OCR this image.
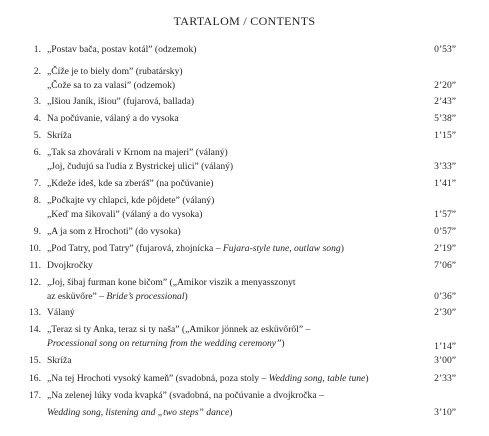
TARTALOM / CONTENTS
1. „Postav bača, postav kotál” (odzemok)	0’53”
2. „Číže je to biely dom” (rubatársky)
„Čože sa to za valasi” (odzemok)	2’20”
3. „Išiou Janík, išiou” (fujarová, ballada)	2’43”
4. Na počúvanie, válaný a do vysoka	5’38”
5. Skríža	1’15”
6. „Tak sa zhovárali v Krnom na majeri” (válaný)
„Joj, čudujú sa ľudia z Bystrickej ulici” (válaný)	3’33”
7. „Kdeže ideš, kde sa zberáš” (na počúvanie)	1’41”
8. „Počkajte vy chlapci, kde pôjdete” (válaný)
„Keď ma šikovali” (válaný a do vysoka)	1’57”
9. „A ja som z Hrochoti” (do vysoka)	0’57”
10. „Pod Tatry, pod Tatry” (fujarová, zhojnícka – Fujara-style tune, outlaw song)	2’19”
11. Dvojkročky	7’06”
12. „Joj, šibaj furman kone bičom” („Amikor viszik a menyasszonyt
az esküvőre” – Bride’s processional)	0’36”
13. Válaný	2’30”
14. „Teraz si ty Anka, teraz si ty naša” („Amikor jönnek az esküvőről” –
Processional song on returning from the wedding ceremony”)	1’14”
15. Skríža	3’00”
16. „Na tej Hrochoti vysoký kameň” (svadobná, poza stoly – Wedding song, table tune)	2’33”
17. „Na zelenej lúky voda kvapká” (svadobná, na počúvanie a dvojkročka –
Wedding song, listening and „two steps” dance)	3’10”
